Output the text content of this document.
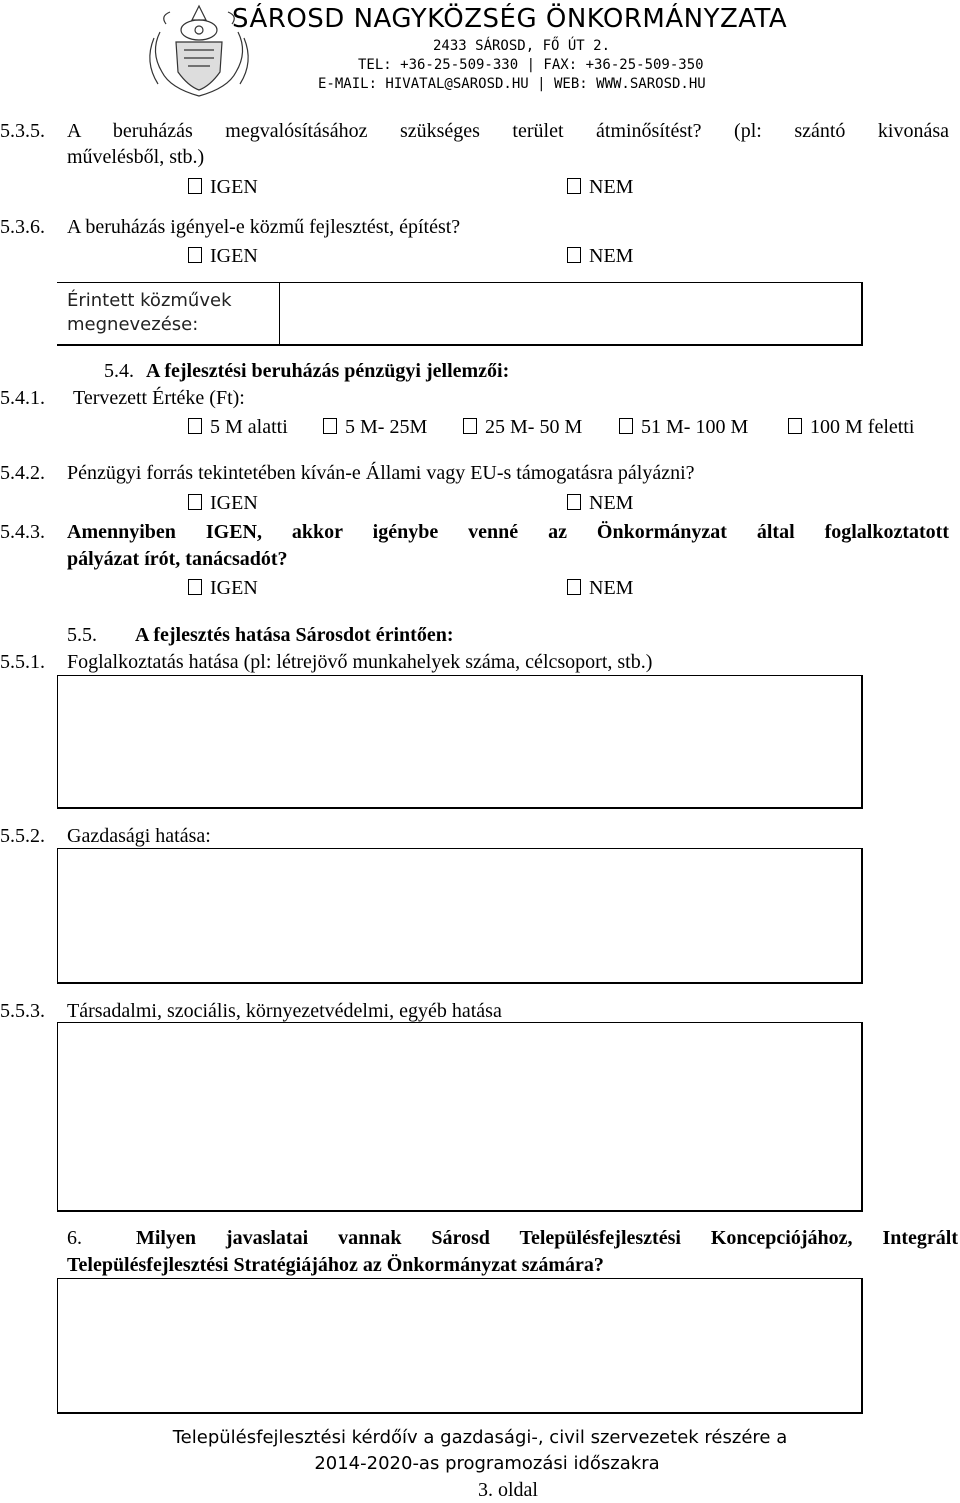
SÁROSD NAGYKÖZSÉG ÖNKORMÁNYZATA
2433 SÁROSD, FŐ ÚT 2.
TEL: +36-25-509-330 | FAX: +36-25-509-350
E-MAIL: HIVATAL@SAROSD.HU | WEB: WWW.SAROSD.HU
5.3.5. A beruházás megvalósításához szükséges terület átminősítést? (pl: szántó kivonása
művelésből, stb.)
IGEN	NEM
5.3.6. A beruházás igényel-e közmű fejlesztést, építést?
IGEN	NEM
Érintett közművek
megnevezése:
5.4. A fejlesztési beruházás pénzügyi jellemzői:
5.4.1. Tervezett Értéke (Ft):
5 M alatti	5 M- 25M	25 M- 50 M	51 M- 100 M	100 M feletti
5.4.2. Pénzügyi forrás tekintetében kíván-e Állami vagy EU-s támogatásra pályázni?
IGEN	NEM
5.4.3. Amennyiben IGEN, akkor igénybe venné az Önkormányzat által foglalkoztatott
pályázat írót, tanácsadót?
IGEN	NEM
5.5. A fejlesztés hatása Sárosdot érintően:
5.5.1. Foglalkoztatás hatása (pl: létrejövő munkahelyek száma, célcsoport, stb.)
5.5.2. Gazdasági hatása:
5.5.3. Társadalmi, szociális, környezetvédelmi, egyéb hatása
6.	Milyen javaslatai vannak Sárosd Településfejlesztési Koncepciójához, Integrált
Településfejlesztési Stratégiájához az Önkormányzat számára?
Településfejlesztési kérdőív a gazdasági-, civil szervezetek részére a
2014-2020-as programozási időszakra
3. oldal
